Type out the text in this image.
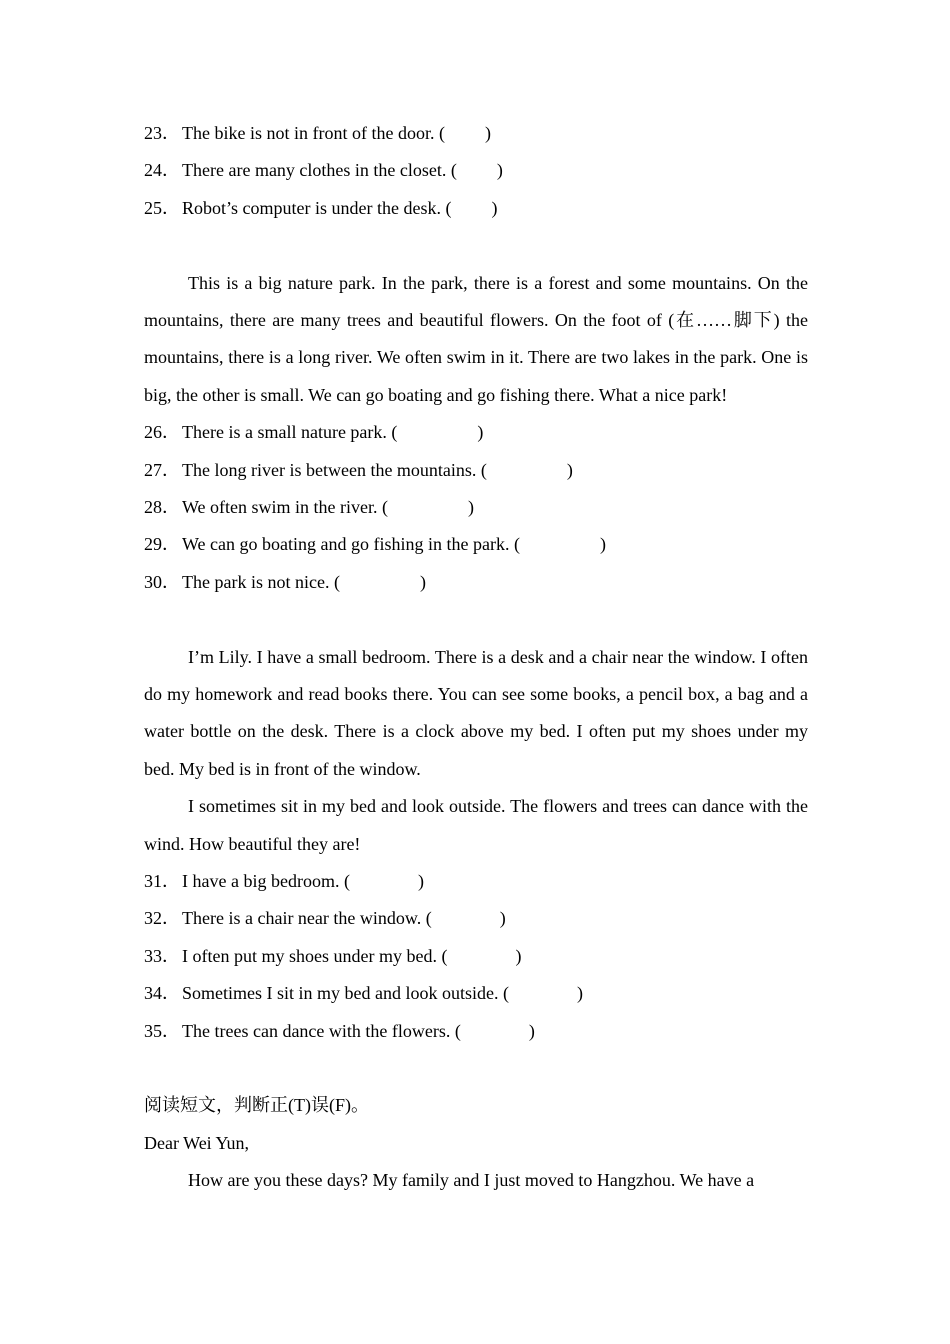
23． The bike is not in front of the door. ( )
24． There are many clothes in the closet. ( )
25． Robot’s computer is under the desk. ( )

This is a big nature park. In the park, there is a forest and some mountains. On the mountains, there are many trees and beautiful flowers. On the foot of (在……脚下) the mountains, there is a long river. We often swim in it. There are two lakes in the park. One is big, the other is small. We can go boating and go fishing there. What a nice park!

26． There is a small nature park. (	)
27． The long river is between the mountains. (	)
28． We often swim in the river. (	)
29． We can go boating and go fishing in the park. (	)
30． The park is not nice. (	)

I’m Lily. I have a small bedroom. There is a desk and a chair near the window. I often do my homework and read books there. You can see some books, a pencil box, a bag and a water bottle on the desk. There is a clock above my bed. I often put my shoes under my bed. My bed is in front of the window.

I sometimes sit in my bed and look outside. The flowers and trees can dance with the wind. How beautiful they are!

31． I have a big bedroom. (	)
32． There is a chair near the window. (	)
33． I often put my shoes under my bed. (	)
34． Sometimes I sit in my bed and look outside. (	)
35． The trees can dance with the flowers. (	)
阅读短文，判断正(T)误(F)。
Dear Wei Yun,

How are you these days? My family and I just moved to Hangzhou. We have a
